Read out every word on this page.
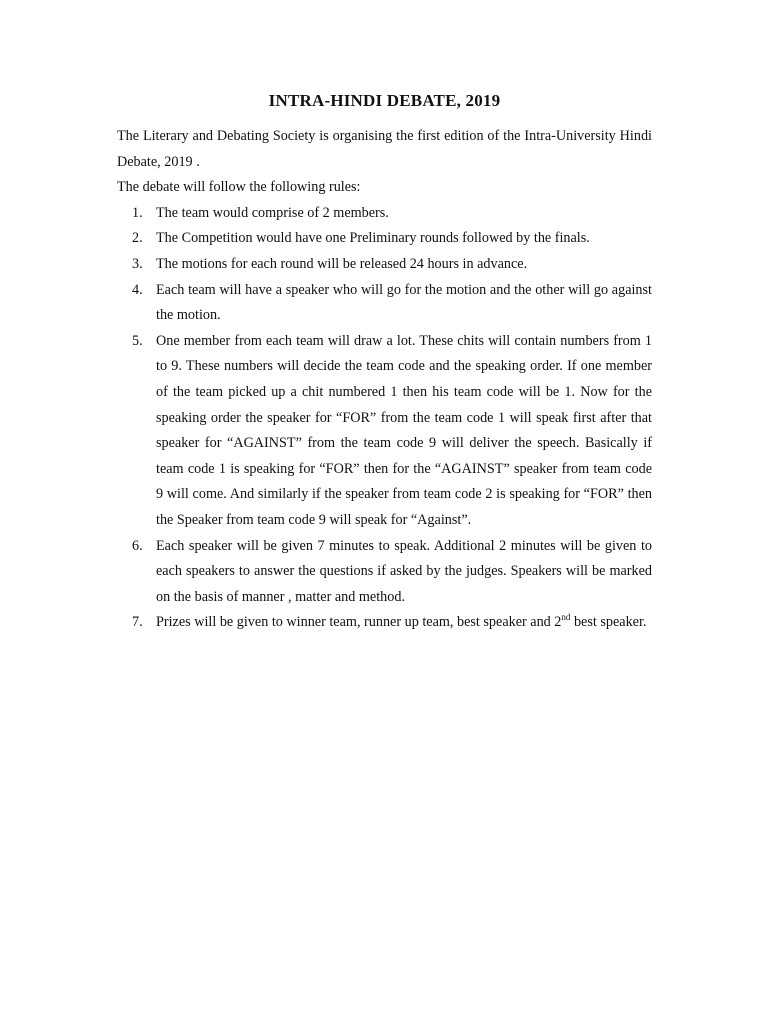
INTRA-HINDI DEBATE, 2019

The Literary and Debating Society is organising the first edition of the Intra-University Hindi Debate, 2019 .

The debate will follow the following rules:

1. The team would comprise of 2 members.
2. The Competition would have one Preliminary rounds followed by the finals.
3. The motions for each round will be released 24 hours in advance.
4. Each team will have a speaker who will go for the motion and the other will go against the motion.
5. One member from each team will draw a lot. These chits will contain numbers from 1 to 9. These numbers will decide the team code and the speaking order. If one member of the team picked up a chit numbered 1 then his team code will be 1. Now for the speaking order the speaker for “FOR” from the team code 1 will speak first after that speaker for “AGAINST” from the team code 9 will deliver the speech. Basically if team code 1 is speaking for “FOR” then for the “AGAINST” speaker from team code 9 will come. And similarly if the speaker from team code 2 is speaking for “FOR” then the Speaker from team code 9 will speak for “Against”.
6. Each speaker will be given 7 minutes to speak. Additional 2 minutes will be given to each speakers to answer the questions if asked by the judges. Speakers will be marked on the basis of manner , matter and method.
7. Prizes will be given to winner team, runner up team, best speaker and 2nd best speaker.
